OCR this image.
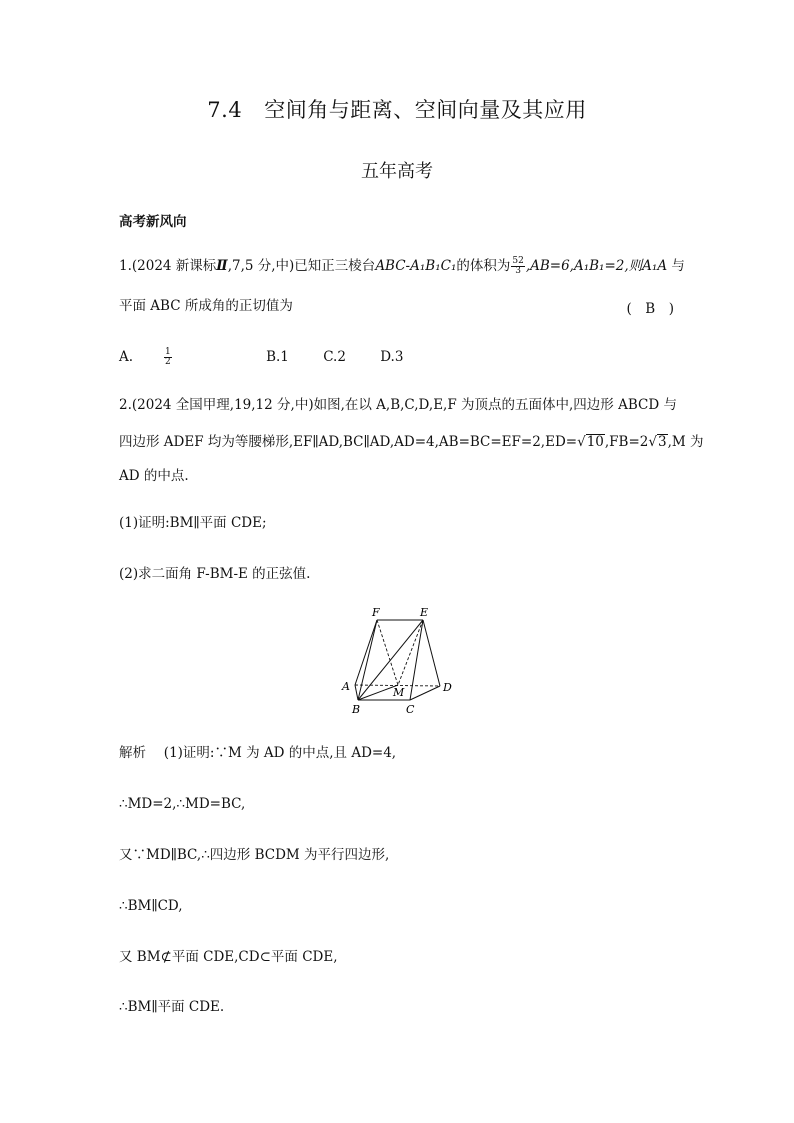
7.4 空间角与距离、空间向量及其应用
五年高考
高考新风向
1.(2024 新课标Ⅱ,7,5 分,中)已知正三棱台ABC-A₁B₁C₁的体积为 $\frac{52}{3} ,AB=6,A_1B_1=2$,则A₁A 与
平面 ABC 所成角的正切值为	(　B　)
A.	$\frac{1}{2}$	B.1	C.2	D.3
2.(2024 全国甲理,19,12 分,中)如图,在以 A,B,C,D,E,F 为顶点的五面体中,四边形 ABCD 与
四边形 ADEF 均为等腰梯形,EF∥AD,BC∥AD,AD=4,AB=BC=EF=2,ED=√10,FB=2√3,M 为
AD 的中点.
(1)证明:BM∥平面 CDE;
(2)求二面角 F-BM-E 的正弦值.
F	E
A	M	D
B	C
解析　 (1)证明:∵M 为 AD 的中点,且 AD=4,
∴MD=2,∴MD=BC,
又∵MD∥BC,∴四边形 BCDM 为平行四边形,
∴BM∥CD,
又 BM⊄平面 CDE,CD⊂平面 CDE,
∴BM∥平面 CDE.
